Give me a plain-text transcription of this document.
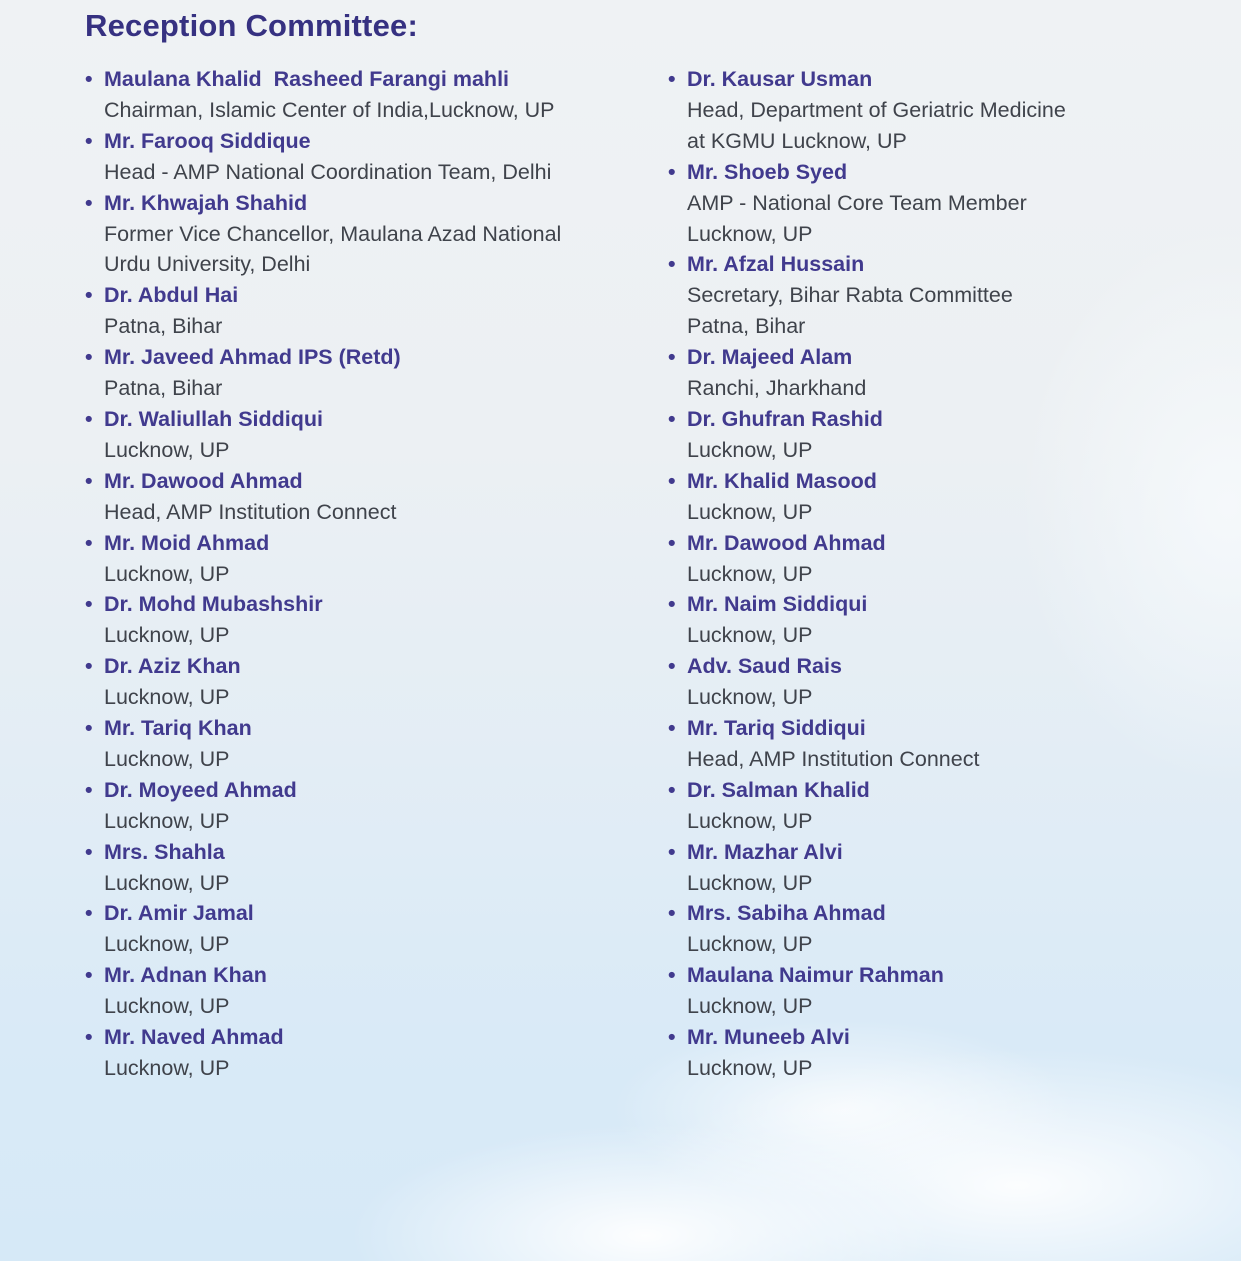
Reception Committee:
• Maulana Khalid  Rasheed Farangi mahli
Chairman, Islamic Center of India,Lucknow, UP
• Mr. Farooq Siddique
Head - AMP National Coordination Team, Delhi
• Mr. Khwajah Shahid
Former Vice Chancellor, Maulana Azad National
Urdu University, Delhi
• Dr. Abdul Hai
Patna, Bihar
• Mr. Javeed Ahmad IPS (Retd)
Patna, Bihar
• Dr. Waliullah Siddiqui
Lucknow, UP
• Mr. Dawood Ahmad
Head, AMP Institution Connect
• Mr. Moid Ahmad
Lucknow, UP
• Dr. Mohd Mubashshir
Lucknow, UP
• Dr. Aziz Khan
Lucknow, UP
• Mr. Tariq Khan
Lucknow, UP
• Dr. Moyeed Ahmad
Lucknow, UP
• Mrs. Shahla
Lucknow, UP
• Dr. Amir Jamal
Lucknow, UP
• Mr. Adnan Khan
Lucknow, UP
• Mr. Naved Ahmad
Lucknow, UP
• Dr. Kausar Usman
Head, Department of Geriatric Medicine
at KGMU Lucknow, UP
• Mr. Shoeb Syed
AMP - National Core Team Member
Lucknow, UP
• Mr. Afzal Hussain
Secretary, Bihar Rabta Committee
Patna, Bihar
• Dr. Majeed Alam
Ranchi, Jharkhand
• Dr. Ghufran Rashid
Lucknow, UP
• Mr. Khalid Masood
Lucknow, UP
• Mr. Dawood Ahmad
Lucknow, UP
• Mr. Naim Siddiqui
Lucknow, UP
• Adv. Saud Rais
Lucknow, UP
• Mr. Tariq Siddiqui
Head, AMP Institution Connect
• Dr. Salman Khalid
Lucknow, UP
• Mr. Mazhar Alvi
Lucknow, UP
• Mrs. Sabiha Ahmad
Lucknow, UP
• Maulana Naimur Rahman
Lucknow, UP
• Mr. Muneeb Alvi
Lucknow, UP
